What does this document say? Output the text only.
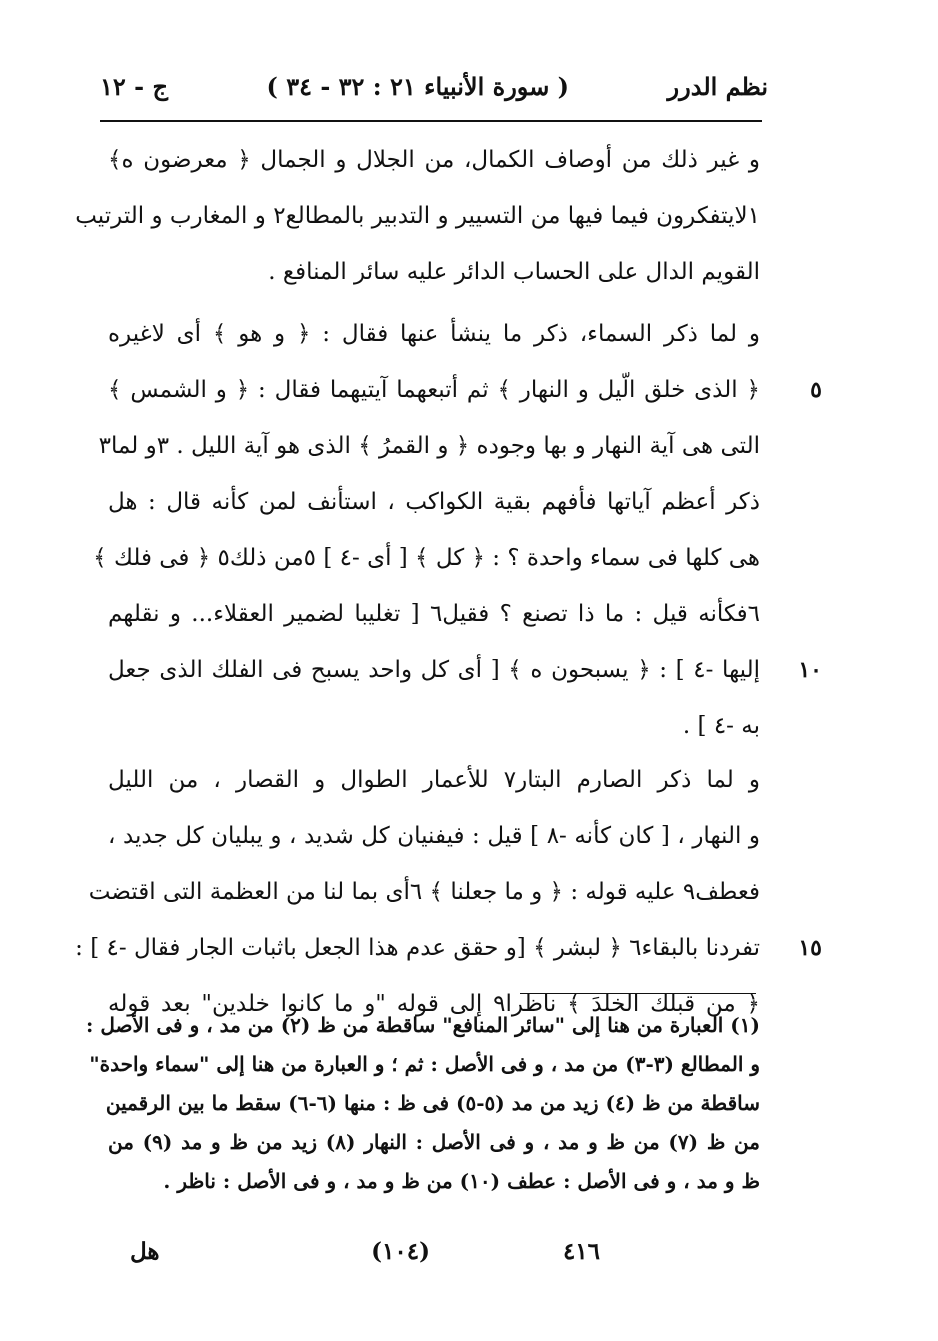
نظم الدرر
( سورة الأنبياء ٢١ : ٣٢ - ٣٤ )
ج - ١٢
و غير ذلك من أوصاف الكمال، من الجلال و الجمال ﴿ معرضون ه﴾
١لايتفكرون فيما فيها من التسيير و التدبير بالمطالع٢ و المغارب و الترتيب
القويم الدال على الحساب الدائر عليه سائر المنافع .
و لما ذكر السماء، ذكر ما ينشأ عنها فقال : ﴿ و هو ﴾ أى لاغيره
٥
﴿ الذى خلق الّيل و النهار ﴾ ثم أتبعهما آيتيهما فقال : ﴿ و الشمس ﴾
التى هى آية النهار و بها وجوده ﴿ و القمرُ ﴾ الذى هو آية الليل . ٣و لما٣
ذكر أعظم آياتها فأفهم بقية الكواكب ، استأنف لمن كأنه قال : هل
هى كلها فى سماء واحدة ؟ : ﴿ كل ﴾ [ أى -٤ ] ٥من ذلك٥ ﴿ فى فلك ﴾
٦فكأنه قيل : ما ذا تصنع ؟ فقيل٦ [ تغليبا لضمير العقلاء... و نقلهم
١٠
إليها -٤ ] : ﴿ يسبحون ه ﴾ [ أى كل واحد يسبح فى الفلك الذى جعل
به -٤ ] .
و لما ذكر الصارم البتار٧ للأعمار الطوال و القصار ، من الليل
و النهار ، [ كان كأنه -٨ ] قيل : فيفنيان كل شديد ، و يبليان كل جديد ،
فعطف٩ عليه قوله : ﴿ و ما جعلنا ﴾ ٦أى بما لنا من العظمة التى اقتضت
١٥
تفردنا بالبقاء٦ ﴿ لبشر ﴾ [و حقق عدم هذا الجعل باثبات الجار فقال -٤ ] :
﴿ من قبلك الخلدَ ﴾ ناظرا٩ إلى قوله "و ما كانوا خلدين" بعد قوله
(١) العبارة من هنا إلى "سائر المنافع" ساقطة من ظ (٢) من مد ، و فى الأصل :
و المطالع (٣-٣) من مد ، و فى الأصل : ثم ؛ و العبارة من هنا إلى "سماء واحدة"
ساقطة من ظ (٤) زيد من مد (٥-٥) فى ظ : منها (٦-٦) سقط ما بين الرقمين
من ظ (٧) من ظ و مد ، و فى الأصل : النهار (٨) زيد من ظ و مد (٩) من
ظ و مد ، و فى الأصل : عطف (١٠) من ظ و مد ، و فى الأصل : ناظر .
٤١٦
(١٠٤)
هل
